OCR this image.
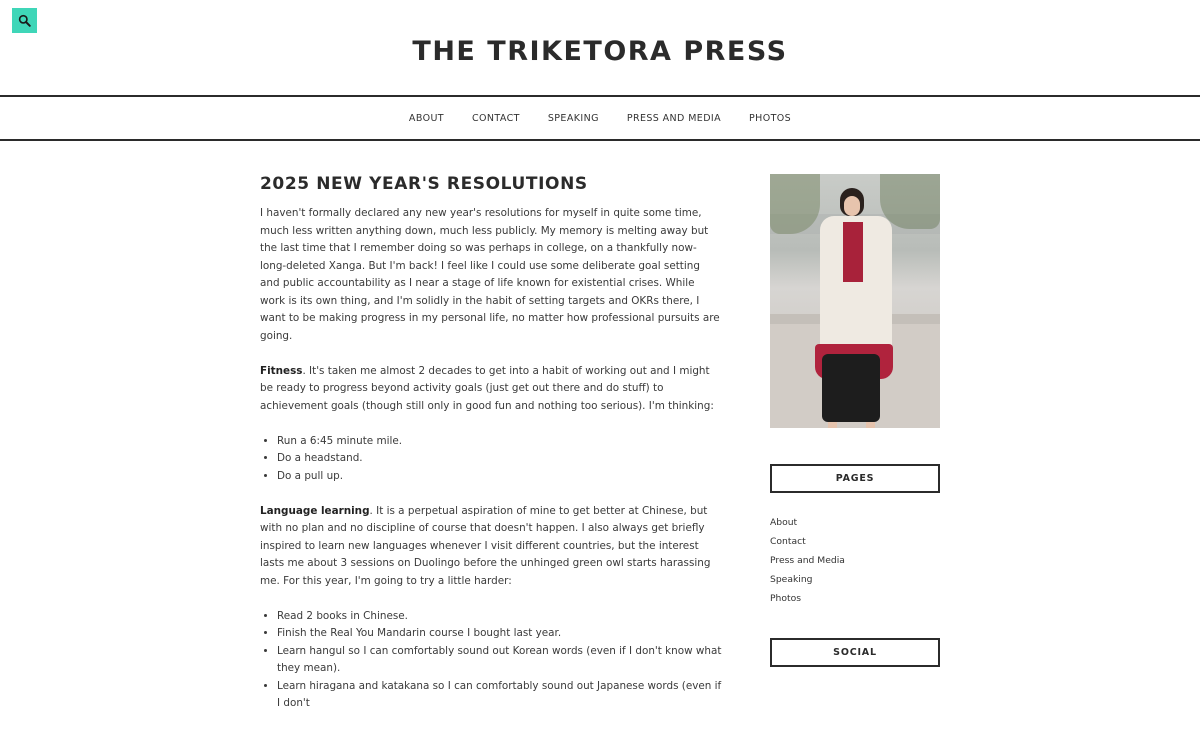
THE TRIKETORA PRESS
ABOUT	CONTACT	SPEAKING	PRESS AND MEDIA	PHOTOS
2025 NEW YEAR'S RESOLUTIONS

I haven't formally declared any new year's resolutions for myself in quite some time, much less written anything down, much less publicly. My memory is melting away but the last time that I remember doing so was perhaps in college, on a thankfully now-long-deleted Xanga. But I'm back! I feel like I could use some deliberate goal setting and public accountability as I near a stage of life known for existential crises. While work is its own thing, and I'm solidly in the habit of setting targets and OKRs there, I want to be making progress in my personal life, no matter how professional pursuits are going.

Fitness. It's taken me almost 2 decades to get into a habit of working out and I might be ready to progress beyond activity goals (just get out there and do stuff) to achievement goals (though still only in good fun and nothing too serious). I'm thinking:

• Run a 6:45 minute mile.
• Do a headstand.
• Do a pull up.

Language learning. It is a perpetual aspiration of mine to get better at Chinese, but with no plan and no discipline of course that doesn't happen. I also always get briefly inspired to learn new languages whenever I visit different countries, but the interest lasts me about 3 sessions on Duolingo before the unhinged green owl starts harassing me. For this year, I'm going to try a little harder:

• Read 2 books in Chinese.
• Finish the Real You Mandarin course I bought last year.
• Learn hangul so I can comfortably sound out Korean words (even if I don't know what they mean).
• Learn hiragana and katakana so I can comfortably sound out Japanese words (even if I don't
PAGES
About
Contact
Press and Media
Speaking
Photos
SOCIAL
